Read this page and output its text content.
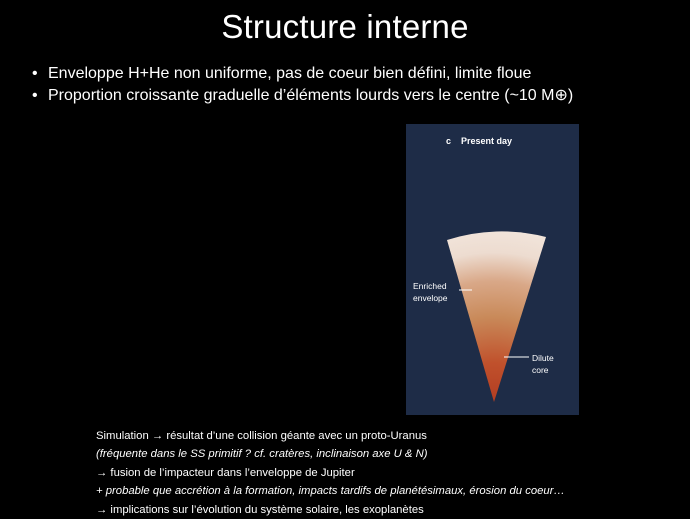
Structure interne
• Enveloppe H+He non uniforme, pas de coeur bien défini, limite floue
• Proportion croissante graduelle d’éléments lourds vers le centre (~10 M⊕)
c Present day
Enriched
envelope
Dilute
core
Simulation → résultat d’une collision géante avec un proto-Uranus
(fréquente dans le SS primitif ? cf. cratères, inclinaison axe U & N)
→ fusion de l’impacteur dans l’enveloppe de Jupiter
+ probable que accrétion à la formation, impacts tardifs de planétésimaux, érosion du coeur…
→ implications sur l’évolution du système solaire, les exoplanètes
